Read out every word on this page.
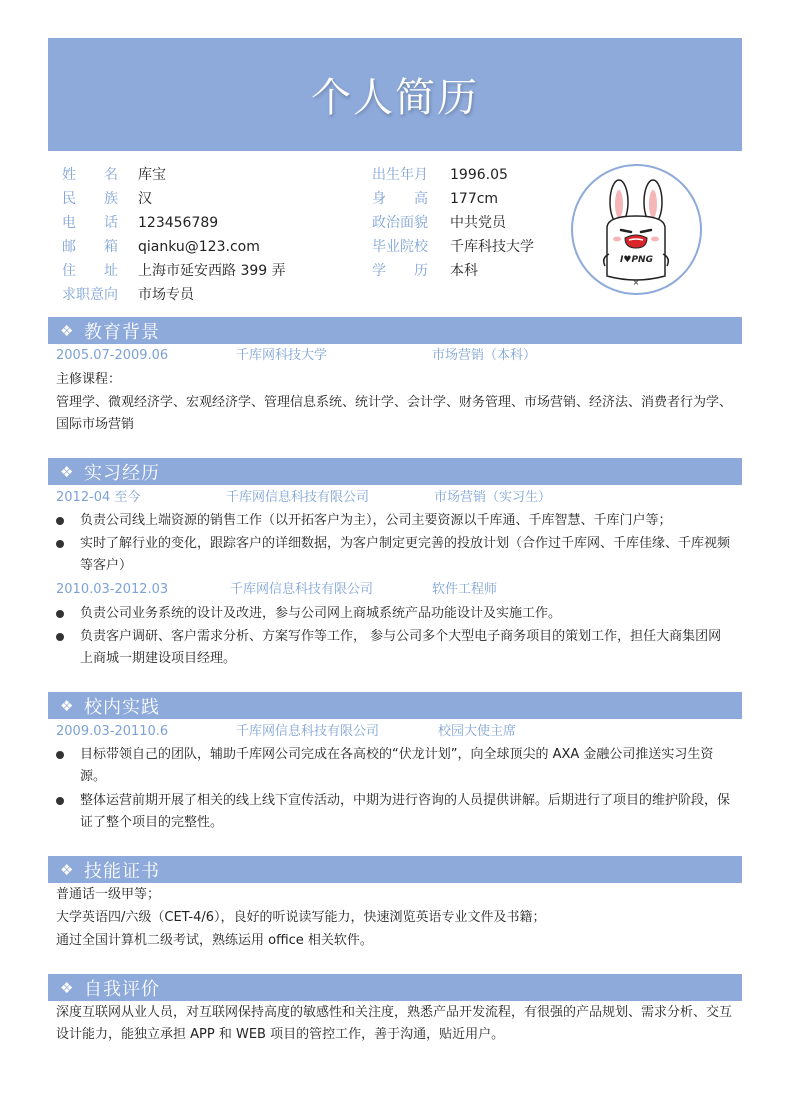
个人简历
姓　　名 库宝
民　　族 汉
电　　话 123456789
邮　　箱 qianku@123.com
住　　址 上海市延安西路 399 弄
求职意向 市场专员
出生年月 1996.05
身　　高 177cm
政治面貌 中共党员
毕业院校 千库科技大学
学　　历 本科
×
I♥PNG
❖ 教育背景
2005.07-2009.06	千库网科技大学	市场营销（本科）
主修课程：
管理学、微观经济学、宏观经济学、管理信息系统、统计学、会计学、财务管理、市场营销、经济法、消费者行为学、国际市场营销
❖ 实习经历
2012-04 至今	千库网信息科技有限公司	市场营销（实习生）
负责公司线上端资源的销售工作（以开拓客户为主），公司主要资源以千库通、千库智慧、千库门户等；
实时了解行业的变化，跟踪客户的详细数据，为客户制定更完善的投放计划（合作过千库网、千库佳缘、千库视频等客户）
2010.03-2012.03	千库网信息科技有限公司	软件工程师
负责公司业务系统的设计及改进，参与公司网上商城系统产品功能设计及实施工作。
负责客户调研、客户需求分析、方案写作等工作， 参与公司多个大型电子商务项目的策划工作，担任大商集团网上商城一期建设项目经理。
❖ 校内实践
2009.03-20110.6	千库网信息科技有限公司	校园大使主席
目标带领自己的团队，辅助千库网公司完成在各高校的“伏龙计划”，向全球顶尖的 AXA 金融公司推送实习生资源。
整体运营前期开展了相关的线上线下宣传活动，中期为进行咨询的人员提供讲解。后期进行了项目的维护阶段，保证了整个项目的完整性。
❖ 技能证书
普通话一级甲等；
大学英语四/六级（CET-4/6），良好的听说读写能力，快速浏览英语专业文件及书籍；
通过全国计算机二级考试，熟练运用 office 相关软件。
❖ 自我评价
深度互联网从业人员，对互联网保持高度的敏感性和关注度，熟悉产品开发流程，有很强的产品规划、需求分析、交互设计能力，能独立承担 APP 和 WEB 项目的管控工作，善于沟通，贴近用户。
